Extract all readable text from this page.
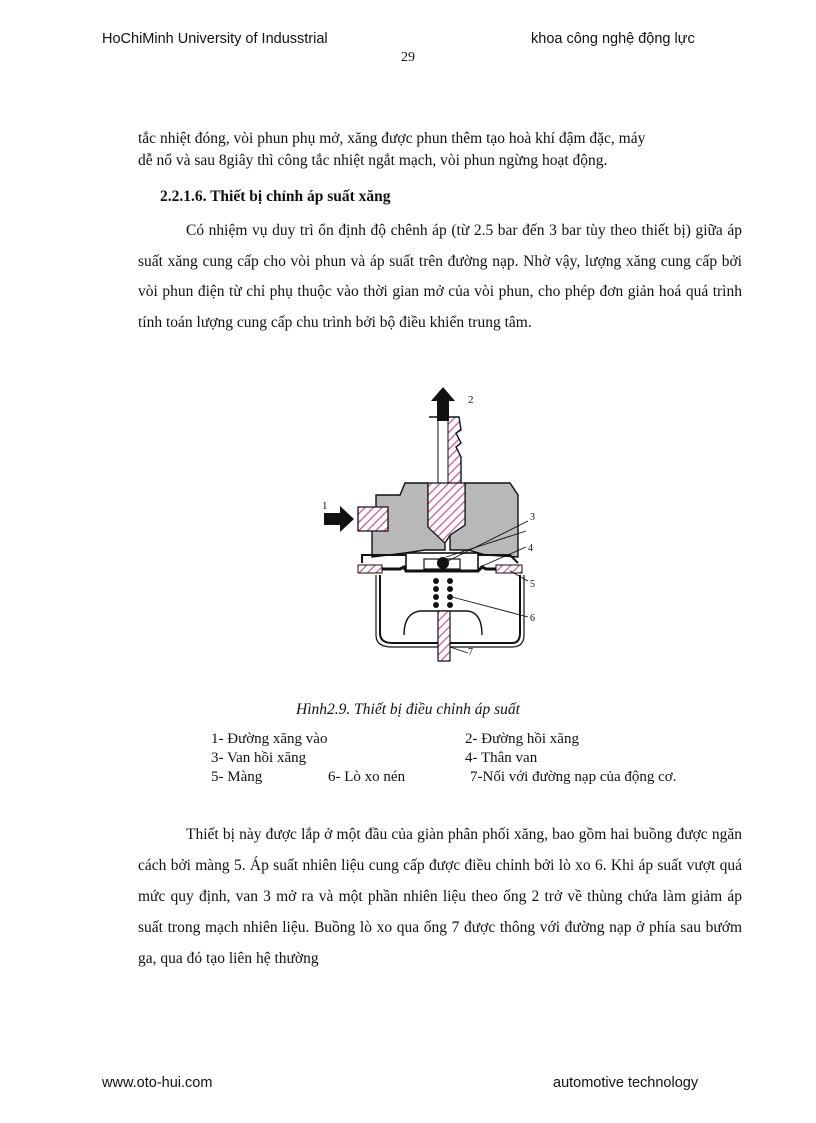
HoChiMinh University of Indusstrial	khoa công nghệ động lực
29

tắc nhiệt đóng, vòi phun phụ mở, xăng được phun thêm tạo hoà khí đậm đặc, máy

dễ nổ và sau 8giây thì công tắc nhiệt ngắt mạch, vòi phun ngừng hoạt động.

2.2.1.6. Thiết bị chỉnh áp suất xăng

Có nhiệm vụ duy trì ổn định độ chênh áp (từ 2.5 bar đến 3 bar tùy theo thiết bị) giữa áp suất xăng cung cấp cho vòi phun và áp suất trên đường nạp. Nhờ vậy, lượng xăng cung cấp bởi vòi phun điện từ chỉ phụ thuộc vào thời gian mở của vòi phun, cho phép đơn giản hoá quá trình tính toán lượng cung cấp chu trình bởi bộ điều khiển trung tâm.

2
1
3
4
5
6
7
Hình2.9. Thiết bị điều chỉnh áp suất
1- Đường xăng vào	2- Đường hồi xăng
3- Van hồi xăng	4- Thân van
5- Màng	6- Lò xo nén	7-Nối với đường nạp của động cơ.

Thiết bị này được lắp ở một đầu của giàn phân phối xăng, bao gồm hai buồng được ngăn cách bởi màng 5. Áp suất nhiên liệu cung cấp được điều chỉnh bởi lò xo 6. Khi áp suất vượt quá mức quy định, van 3 mở ra và một phần nhiên liệu theo ống 2 trở về thùng chứa làm giảm áp suất trong mạch nhiên liệu. Buồng lò xo qua ống 7 được thông với đường nạp ở phía sau bướm ga, qua đó tạo liên hệ thường

www.oto-hui.com	automotive technology
